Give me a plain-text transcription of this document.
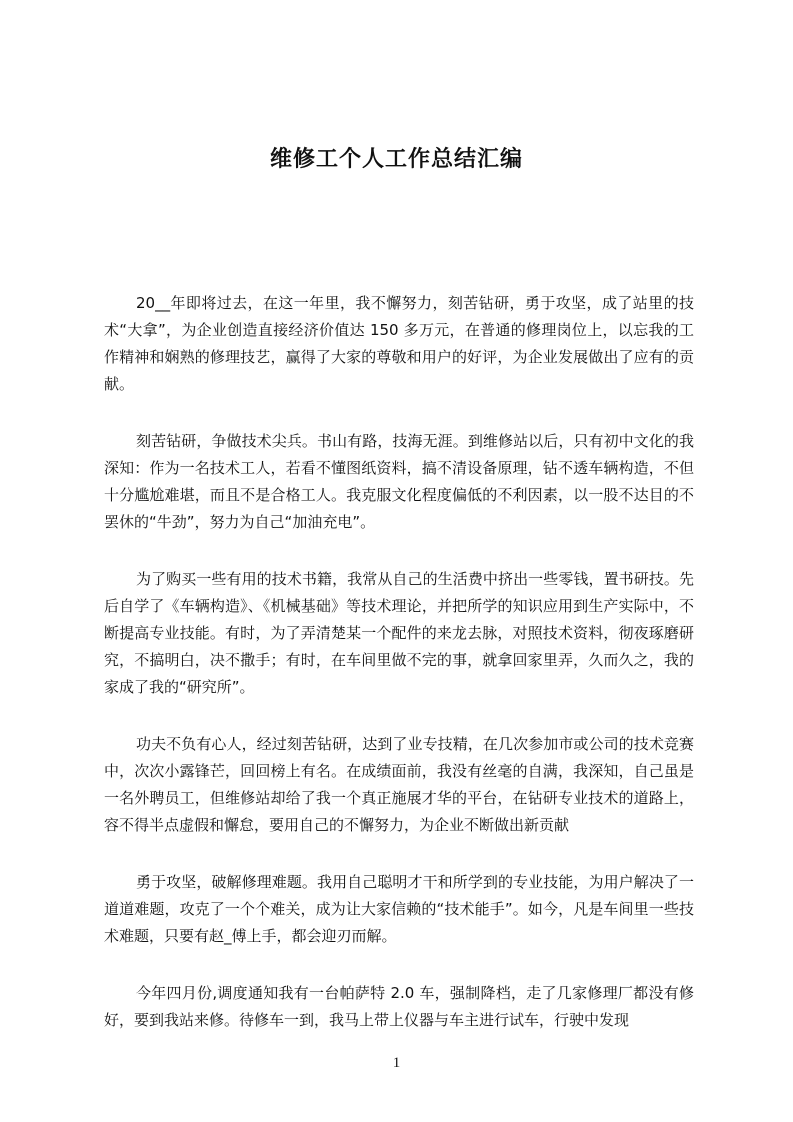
维修工个人工作总结汇编

20__年即将过去，在这一年里，我不懈努力，刻苦钻研，勇于攻坚，成了站里的技术“大拿”，为企业创造直接经济价值达 150 多万元，在普通的修理岗位上，以忘我的工作精神和娴熟的修理技艺，赢得了大家的尊敬和用户的好评，为企业发展做出了应有的贡献。

刻苦钻研，争做技术尖兵。书山有路，技海无涯。到维修站以后，只有初中文化的我深知：作为一名技术工人，若看不懂图纸资料，搞不清设备原理，钻不透车辆构造，不但十分尴尬难堪，而且不是合格工人。我克服文化程度偏低的不利因素，以一股不达目的不罢休的“牛劲”，努力为自己“加油充电”。

为了购买一些有用的技术书籍，我常从自己的生活费中挤出一些零钱，置书研技。先后自学了《车辆构造》、《机械基础》等技术理论，并把所学的知识应用到生产实际中，不断提高专业技能。有时，为了弄清楚某一个配件的来龙去脉，对照技术资料，彻夜琢磨研究，不搞明白，决不撒手；有时，在车间里做不完的事，就拿回家里弄，久而久之，我的家成了我的“研究所”。

功夫不负有心人，经过刻苦钻研，达到了业专技精，在几次参加市或公司的技术竞赛中，次次小露锋芒，回回榜上有名。在成绩面前，我没有丝毫的自满，我深知，自己虽是一名外聘员工，但维修站却给了我一个真正施展才华的平台，在钻研专业技术的道路上，容不得半点虚假和懈怠，要用自己的不懈努力，为企业不断做出新贡献

勇于攻坚，破解修理难题。我用自己聪明才干和所学到的专业技能，为用户解决了一道道难题，攻克了一个个难关，成为让大家信赖的“技术能手”。如今，凡是车间里一些技术难题，只要有赵_傅上手，都会迎刃而解。

今年四月份,调度通知我有一台帕萨特 2.0 车，强制降档，走了几家修理厂都没有修好，要到我站来修。待修车一到，我马上带上仪器与车主进行试车，行驶中发现

1
